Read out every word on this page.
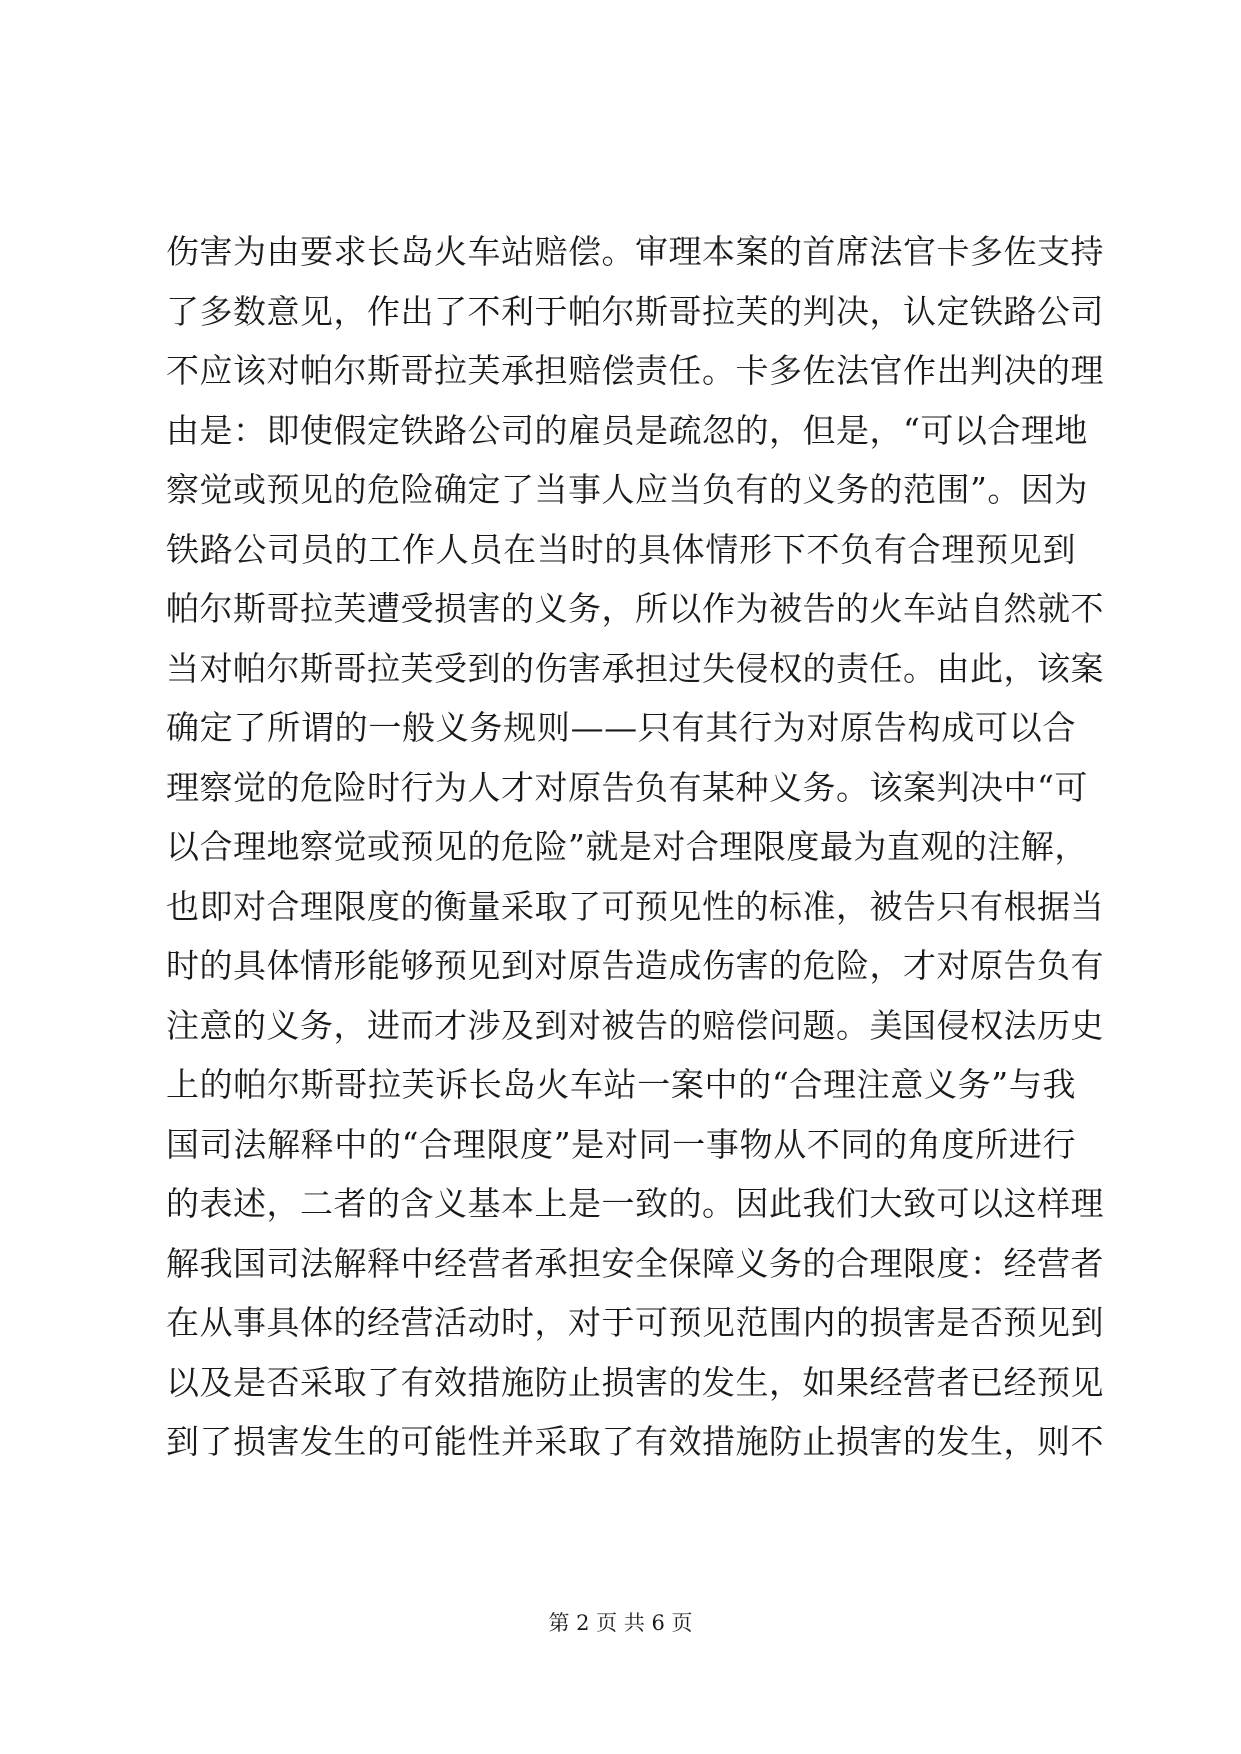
伤害为由要求长岛火车站赔偿。审理本案的首席法官卡多佐支持
了多数意见，作出了不利于帕尔斯哥拉芙的判决，认定铁路公司
不应该对帕尔斯哥拉芙承担赔偿责任。卡多佐法官作出判决的理
由是：即使假定铁路公司的雇员是疏忽的，但是，“可以合理地
察觉或预见的危险确定了当事人应当负有的义务的范围”。因为
铁路公司员的工作人员在当时的具体情形下不负有合理预见到
帕尔斯哥拉芙遭受损害的义务，所以作为被告的火车站自然就不
当对帕尔斯哥拉芙受到的伤害承担过失侵权的责任。由此，该案
确定了所谓的一般义务规则——只有其行为对原告构成可以合
理察觉的危险时行为人才对原告负有某种义务。该案判决中“可
以合理地察觉或预见的危险”就是对合理限度最为直观的注解，
也即对合理限度的衡量采取了可预见性的标准，被告只有根据当
时的具体情形能够预见到对原告造成伤害的危险，才对原告负有
注意的义务，进而才涉及到对被告的赔偿问题。美国侵权法历史
上的帕尔斯哥拉芙诉长岛火车站一案中的“合理注意义务”与我
国司法解释中的“合理限度”是对同一事物从不同的角度所进行
的表述，二者的含义基本上是一致的。因此我们大致可以这样理
解我国司法解释中经营者承担安全保障义务的合理限度：经营者
在从事具体的经营活动时，对于可预见范围内的损害是否预见到
以及是否采取了有效措施防止损害的发生，如果经营者已经预见
到了损害发生的可能性并采取了有效措施防止损害的发生，则不
第 2 页 共 6 页
